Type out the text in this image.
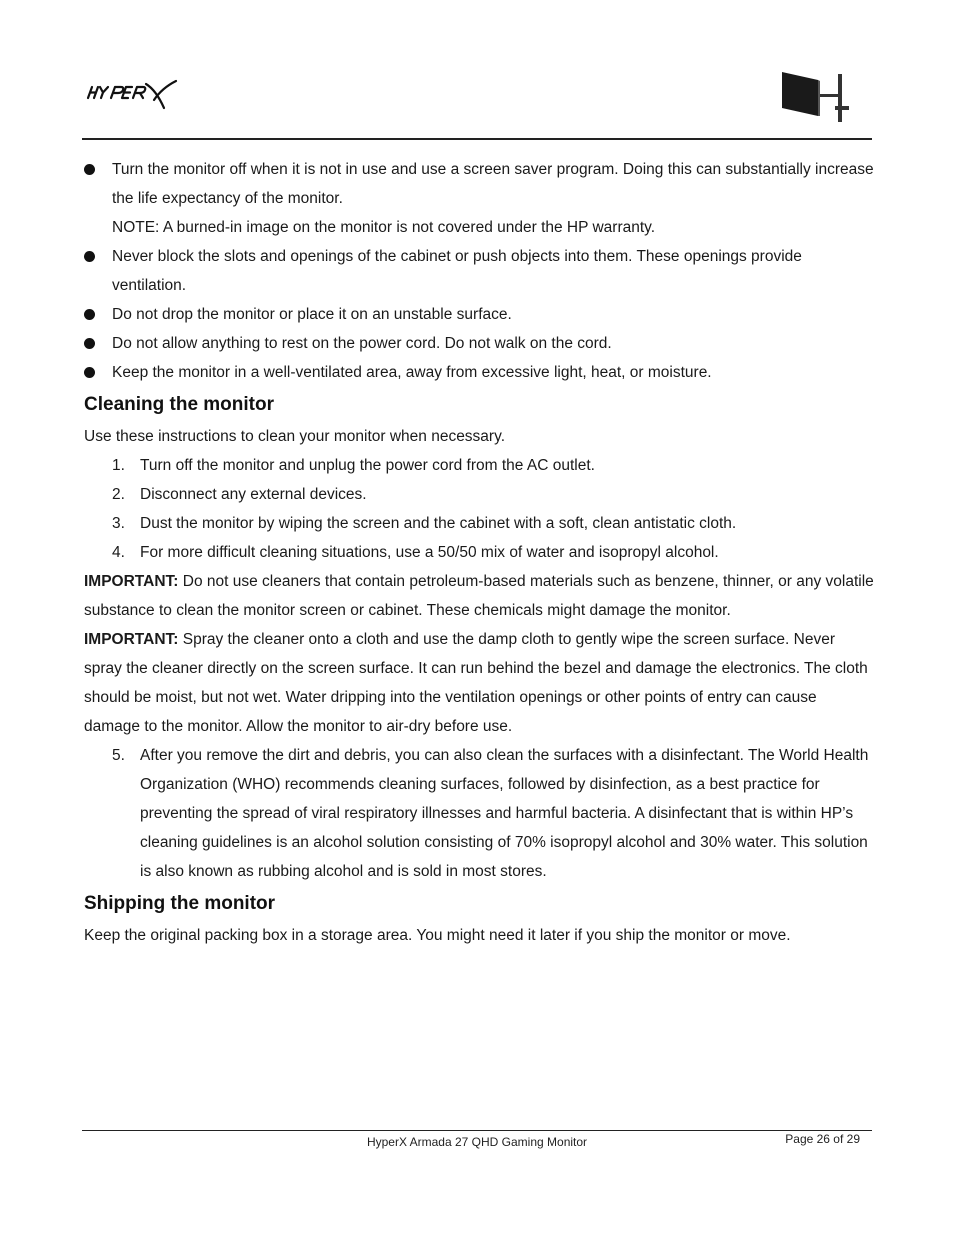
Turn the monitor off when it is not in use and use a screen saver program. Doing this can substantially increase the life expectancy of the monitor.
NOTE: A burned-in image on the monitor is not covered under the HP warranty.
Never block the slots and openings of the cabinet or push objects into them. These openings provide ventilation.
Do not drop the monitor or place it on an unstable surface.
Do not allow anything to rest on the power cord. Do not walk on the cord.
Keep the monitor in a well-ventilated area, away from excessive light, heat, or moisture.
Cleaning the monitor

Use these instructions to clean your monitor when necessary.

1. Turn off the monitor and unplug the power cord from the AC outlet.
2. Disconnect any external devices.
3. Dust the monitor by wiping the screen and the cabinet with a soft, clean antistatic cloth.
4. For more difficult cleaning situations, use a 50/50 mix of water and isopropyl alcohol.

IMPORTANT: Do not use cleaners that contain petroleum-based materials such as benzene, thinner, or any volatile substance to clean the monitor screen or cabinet. These chemicals might damage the monitor.

IMPORTANT: Spray the cleaner onto a cloth and use the damp cloth to gently wipe the screen surface. Never spray the cleaner directly on the screen surface. It can run behind the bezel and damage the electronics. The cloth should be moist, but not wet. Water dripping into the ventilation openings or other points of entry can cause damage to the monitor. Allow the monitor to air-dry before use.

5. After you remove the dirt and debris, you can also clean the surfaces with a disinfectant. The World Health Organization (WHO) recommends cleaning surfaces, followed by disinfection, as a best practice for preventing the spread of viral respiratory illnesses and harmful bacteria. A disinfectant that is within HP’s cleaning guidelines is an alcohol solution consisting of 70% isopropyl alcohol and 30% water. This solution is also known as rubbing alcohol and is sold in most stores.
Shipping the monitor

Keep the original packing box in a storage area. You might need it later if you ship the monitor or move.

HyperX Armada 27 QHD Gaming Monitor	Page 26 of 29
